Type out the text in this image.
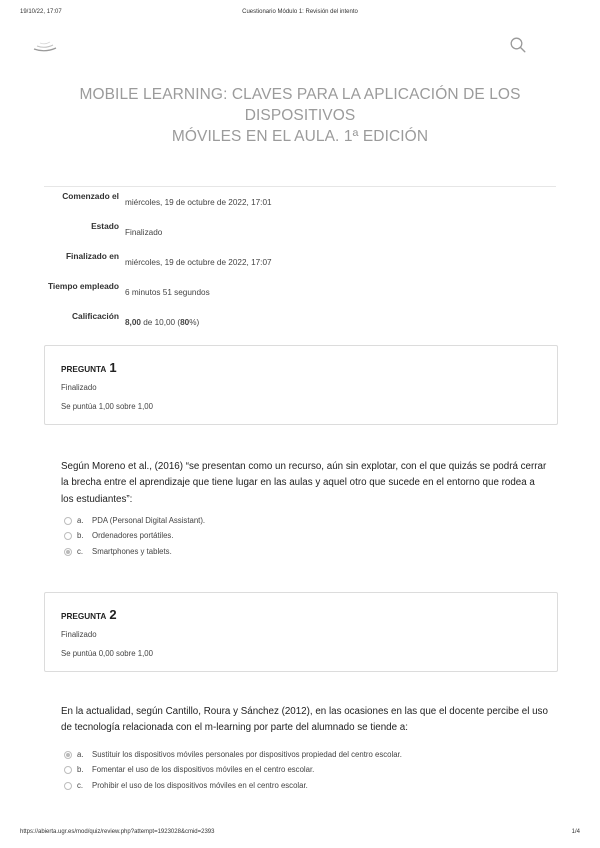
19/10/22, 17:07	Cuestionario Módulo 1: Revisión del intento
MOBILE LEARNING: CLAVES PARA LA APLICACIÓN DE LOS DISPOSITIVOS
MÓVILES EN EL AULA. 1ª EDICIÓN
Comenzado el
miércoles, 19 de octubre de 2022, 17:01
Estado
Finalizado
Finalizado en
miércoles, 19 de octubre de 2022, 17:07
Tiempo empleado
6 minutos 51 segundos
Calificación
8,00 de 10,00 (80%)
PREGUNTA 1
Finalizado
Se puntúa 1,00 sobre 1,00
Según Moreno et al., (2016) “se presentan como un recurso, aún sin explotar, con el que quizás se podrá cerrar
la brecha entre el aprendizaje que tiene lugar en las aulas y aquel otro que sucede en el entorno que rodea a
los estudiantes”:
a. PDA (Personal Digital Assistant).
b. Ordenadores portátiles.
c. Smartphones y tablets.
PREGUNTA 2
Finalizado
Se puntúa 0,00 sobre 1,00
En la actualidad, según Cantillo, Roura y Sánchez (2012), en las ocasiones en las que el docente percibe el uso
de tecnología relacionada con el m-learning por parte del alumnado se tiende a:
a. Sustituir los dispositivos móviles personales por dispositivos propiedad del centro escolar.
b. Fomentar el uso de los dispositivos móviles en el centro escolar.
c. Prohibir el uso de los dispositivos móviles en el centro escolar.
https://abierta.ugr.es/mod/quiz/review.php?attempt=1923028&cmid=2393	1/4
